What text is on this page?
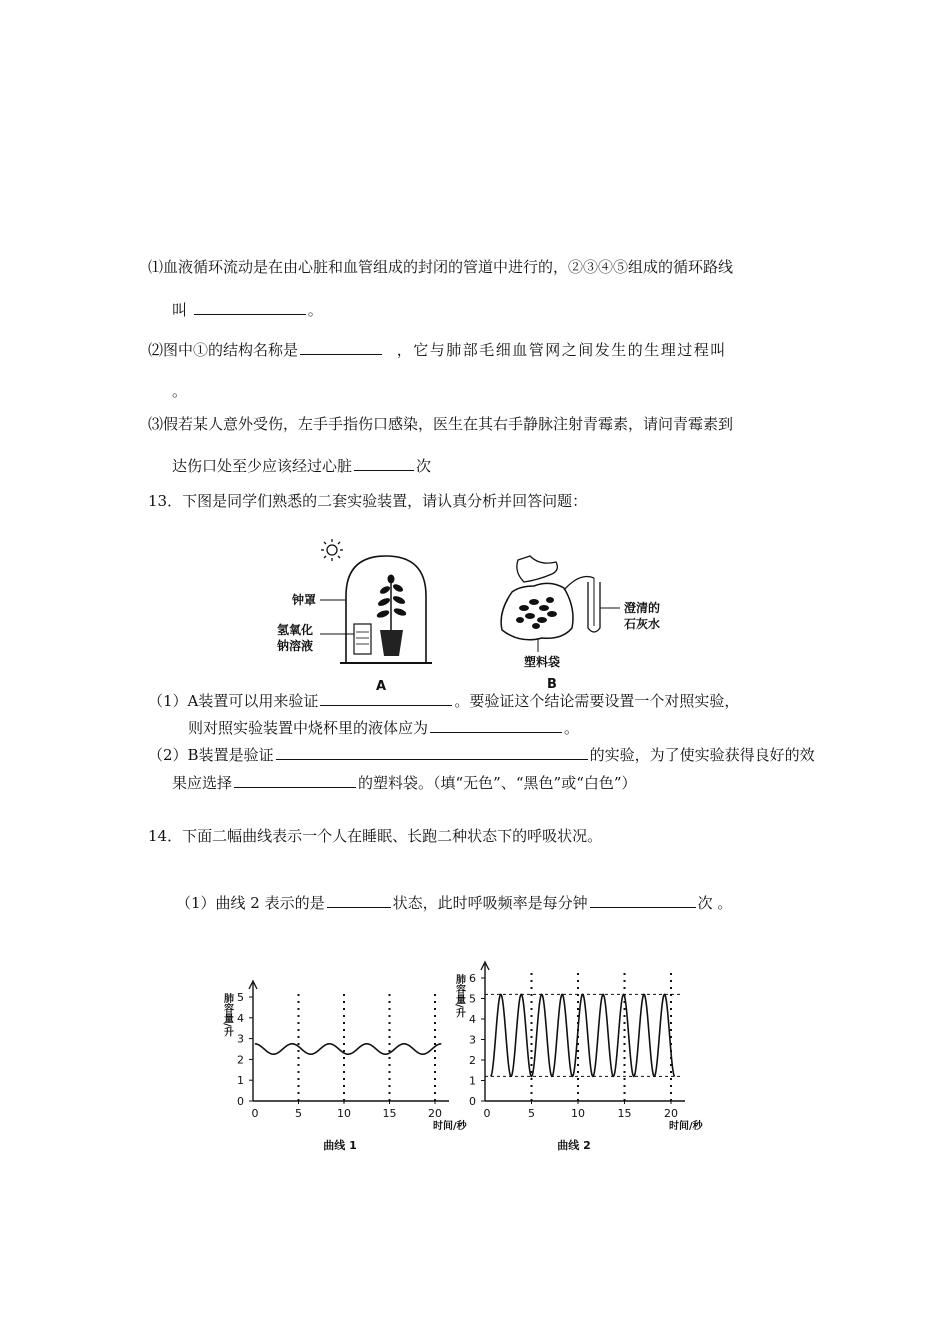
⑴血液循环流动是在由心脏和血管组成的封闭的管道中进行的，②③④⑤组成的循环路线
叫	。
⑵图中①的结构名称是	，它与肺部毛细血管网之间发生的生理过程叫
。
⑶假若某人意外受伤，左手手指伤口感染，医生在其右手静脉注射青霉素，请问青霉素到
达伤口处至少应该经过心脏	次
13．下图是同学们熟悉的二套实验装置，请认真分析并回答问题：
钟罩
氢氧化
钠溶液
A
澄清的
石灰水
塑料袋
B
（1）A装置可以用来验证	。要验证这个结论需要设置一个对照实验，
则对照实验装置中烧杯里的液体应为	。
（2）B装置是验证	的实验，为了使实验获得良好的效
果应选择	的塑料袋。（填“无色”、“黑色”或“白色”）
14．下面二幅曲线表示一个人在睡眠、长跑二种状态下的呼吸状况。
（1）曲线 2 表示的是	状态，此时呼吸频率是每分钟	次 。
0
1
2
3
4
5
0	5	10	15	20
肺容量/升
时间/秒
曲线 1
0
1
2
3
4
5
6
0	5	10	15	20
肺容量/升
时间/秒
曲线 2
